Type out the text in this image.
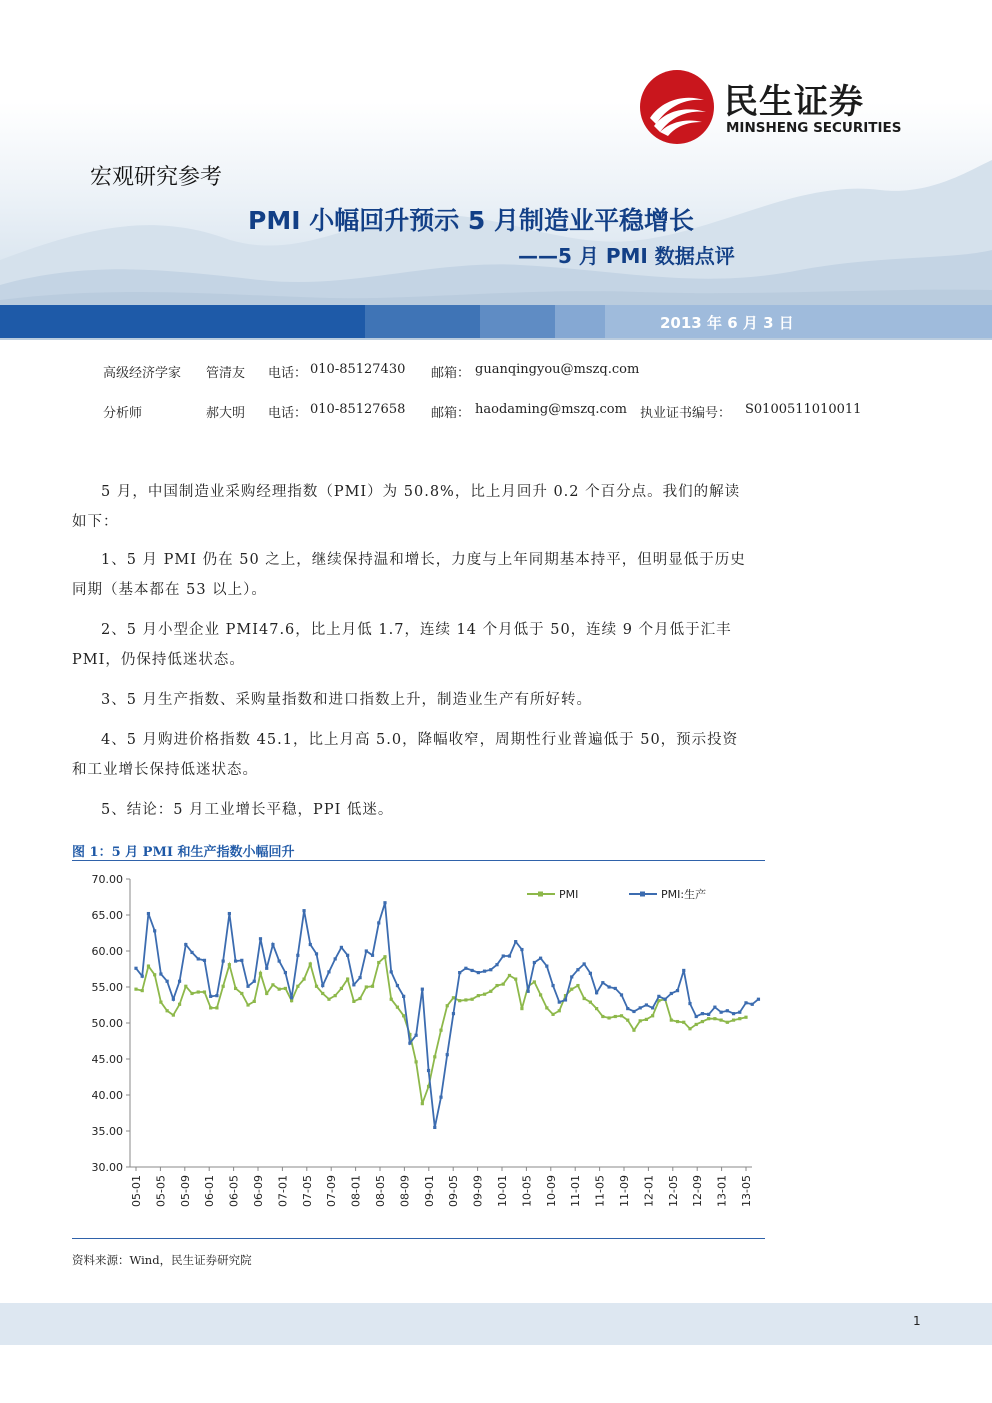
民生证券
MINSHENG SECURITIES
宏观研究参考
PMI 小幅回升预示 5 月制造业平稳增长
——5 月 PMI 数据点评
2013 年 6 月 3 日
高级经济学家 管清友 电话： 010-85127430 邮箱： guanqingyou@mszq.com
分析师	郝大明 电话： 010-85127658 邮箱： haodaming@mszq.com 执业证书编号： S0100511010011
5 月，中国制造业采购经理指数（PMI）为 50.8%，比上月回升 0.2 个百分点。我们的解读如下：
1、5 月 PMI 仍在 50 之上，继续保持温和增长，力度与上年同期基本持平，但明显低于历史同期（基本都在 53 以上）。
2、5 月小型企业 PMI47.6，比上月低 1.7，连续 14 个月低于 50，连续 9 个月低于汇丰 PMI，仍保持低迷状态。
3、5 月生产指数、采购量指数和进口指数上升，制造业生产有所好转。
4、5 月购进价格指数 45.1，比上月高 5.0，降幅收窄，周期性行业普遍低于 50，预示投资和工业增长保持低迷状态。
5、结论：5 月工业增长平稳，PPI 低迷。
图 1：5 月 PMI 和生产指数小幅回升
70.00
65.00
60.00
55.00
50.00
45.00
40.00
35.00
30.00
05-01 05-05 05-09 06-01 06-05 06-09 07-01 07-05 07-09 08-01 08-05 08-09 09-01 09-05 09-09 10-01 10-05 10-09 11-01 11-05 11-09 12-01 12-05 12-09 13-01 13-05
PMI	PMI:生产
资料来源：Wind，民生证券研究院
1
